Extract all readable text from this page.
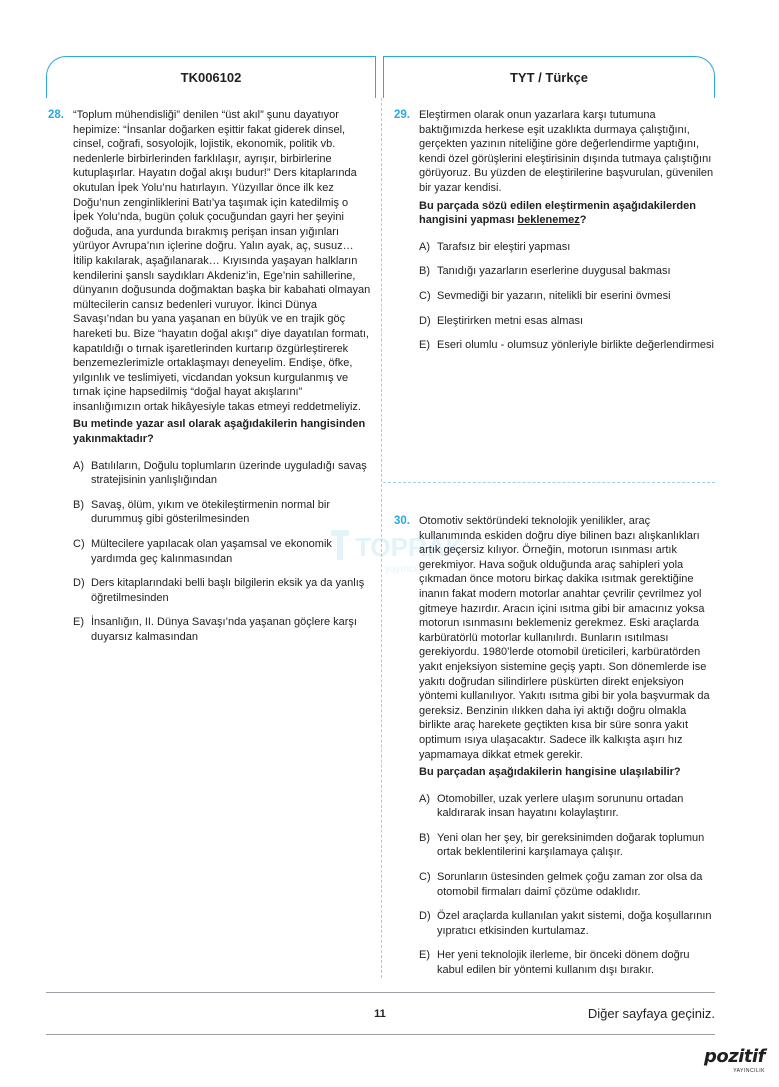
TK006102	TYT / Türkçe
28. “Toplum mühendisliği” denilen “üst akıl” şunu dayatıyor hepimize: “İnsanlar doğarken eşittir fakat giderek dinsel, cinsel, coğrafi, sosyolojik, lojistik, ekonomik, politik vb. nedenlerle birbirlerinden farklılaşır, ayrışır, birbirlerine kutuplaşırlar. Hayatın doğal akışı budur!” Ders kitaplarında okutulan İpek Yolu’nu hatırlayın. Yüzyıllar önce ilk kez Doğu’nun zenginliklerini Batı’ya taşımak için katedilmiş o İpek Yolu’nda, bugün çoluk çocuğundan gayri her şeyini doğuda, ana yurdunda bırakmış perişan insan yığınları yürüyor Avrupa’nın içlerine doğru. Yalın ayak, aç, susuz… İtilip kakılarak, aşağılanarak… Kıyısında yaşayan halkların kendilerini şanslı saydıkları Akdeniz’in, Ege’nin sahillerine, dünyanın doğusunda doğmaktan başka bir kabahati olmayan mültecilerin cansız bedenleri vuruyor. İkinci Dünya Savaşı’ndan bu yana yaşanan en büyük ve en trajik göç hareketi bu. Bize “hayatın doğal akışı” diye dayatılan formatı, kapatıldığı o tırnak işaretlerinden kurtarıp özgürleştirerek benzemezlerimizle ortaklaşmayı deneyelim. Endişe, öfke, yılgınlık ve teslimiyeti, vicdandan yoksun kurgulanmış ve tırnak içine hapsedilmiş “doğal hayat akışlarını” insanlığımızın ortak hikâyesiyle takas etmeyi reddetmeliyiz.

Bu metinde yazar asıl olarak aşağıdakilerin hangisinden yakınmaktadır?

A) Batılıların, Doğulu toplumların üzerinde uyguladığı savaş stratejisinin yanlışlığından
B) Savaş, ölüm, yıkım ve ötekileştirmenin normal bir durummuş gibi gösterilmesinden
C) Mültecilere yapılacak olan yaşamsal ve ekonomik yardımda geç kalınmasından
D) Ders kitaplarındaki belli başlı bilgilerin eksik ya da yanlış öğretilmesinden
E) İnsanlığın, II. Dünya Savaşı’nda yaşanan göçlere karşı duyarsız kalmasından
29. Eleştirmen olarak onun yazarlara karşı tutumuna baktığımızda herkese eşit uzaklıkta durmaya çalıştığını, gerçekten yazının niteliğine göre değerlendirme yaptığını, kendi özel görüşlerini eleştirisinin dışında tutmaya çalıştığını görüyoruz. Bu yüzden de eleştirilerine başvurulan, güvenilen bir yazar kendisi.

Bu parçada sözü edilen eleştirmenin aşağıdakilerden hangisini yapması beklenemez?

A) Tarafsız bir eleştiri yapması
B) Tanıdığı yazarların eserlerine duygusal bakması
C) Sevmediği bir yazarın, nitelikli bir eserini övmesi
D) Eleştirirken metni esas alması
E) Eseri olumlu - olumsuz yönleriyle birlikte değerlendirmesi
TOPRAK
yayıncılık
30. Otomotiv sektöründeki teknolojik yenilikler, araç kullanımında eskiden doğru diye bilinen bazı alışkanlıkları artık geçersiz kılıyor. Örneğin, motorun ısınması artık gerekmiyor. Hava soğuk olduğunda araç sahipleri yola çıkmadan önce motoru birkaç dakika ısıtmak gerektiğine inanın fakat modern motorlar anahtar çevrilir çevrilmez yol gitmeye hazırdır. Aracın içini ısıtma gibi bir amacınız yoksa motorun ısınmasını beklemeniz gerekmez. Eski araçlarda karbüratörlü motorlar kullanılırdı. Bunların ısıtılması gerekiyordu. 1980’lerde otomobil üreticileri, karbüratörden yakıt enjeksiyon sistemine geçiş yaptı. Son dönemlerde ise yakıtı doğrudan silindirlere püskürten direkt enjeksiyon yöntemi kullanılıyor. Yakıtı ısıtma gibi bir yola başvurmak da gereksiz. Benzinin ılıkken daha iyi aktığı doğru olmakla birlikte araç harekete geçtikten kısa bir süre sonra yakıt optimum ısıya ulaşacaktır. Sadece ilk kalkışta aşırı hız yapmamaya dikkat etmek gerekir.

Bu parçadan aşağıdakilerin hangisine ulaşılabilir?

A) Otomobiller, uzak yerlere ulaşım sorununu ortadan kaldırarak insan hayatını kolaylaştırır.
B) Yeni olan her şey, bir gereksinimden doğarak toplumun ortak beklentilerini karşılamaya çalışır.
C) Sorunların üstesinden gelmek çoğu zaman zor olsa da otomobil firmaları daimî çözüme odaklıdır.
D) Özel araçlarda kullanılan yakıt sistemi, doğa koşullarının yıpratıcı etkisinden kurtulamaz.
E) Her yeni teknolojik ilerleme, bir önceki dönem doğru kabul edilen bir yöntemi kullanım dışı bırakır.
11	Diğer sayfaya geçiniz.
pozitif
YAYINCILIK
